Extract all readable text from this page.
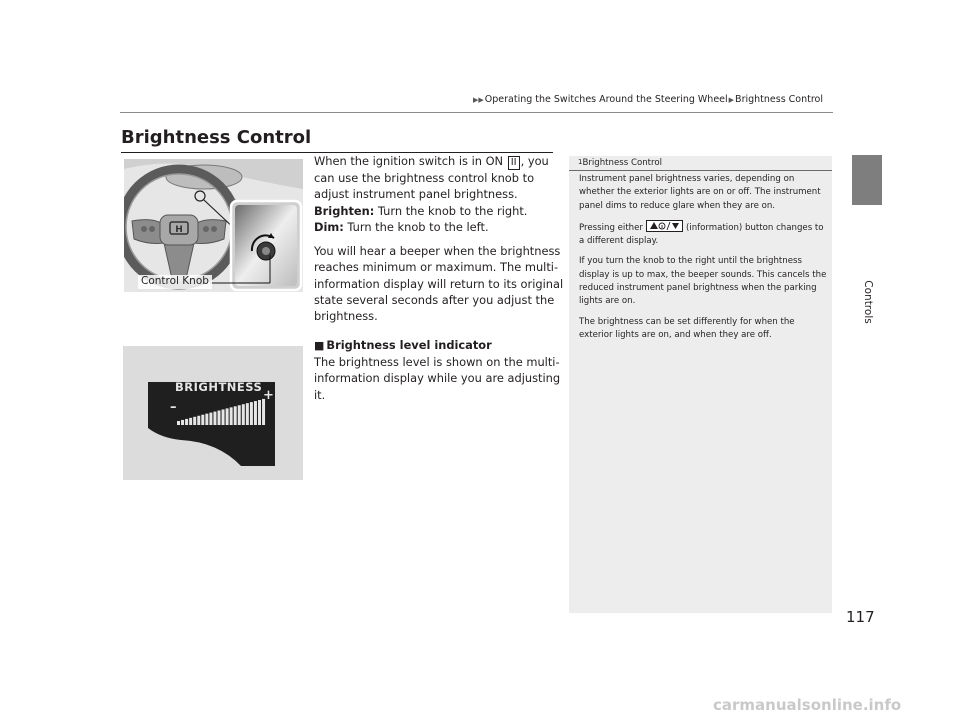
▶▶Operating the Switches Around the Steering Wheel▶Brightness Control
Brightness Control
Controls
H
Control Knob
BRIGHTNESS
–
+

When the ignition switch is in ON II , you can use the brightness control knob to adjust instrument panel brightness.

Brighten: Turn the knob to the right.

Dim: Turn the knob to the left.

You will hear a beeper when the brightness reaches minimum or maximum. The multi-information display will return to its original state several seconds after you adjust the brightness.

■ Brightness level indicator

The brightness level is shown on the multi-information display while you are adjusting it.

1Brightness Control

Instrument panel brightness varies, depending on whether the exterior lights are on or off. The instrument panel dims to reduce glare when they are on.

Pressing either	(information) button changes to a different display.

If you turn the knob to the right until the brightness display is up to max, the beeper sounds. This cancels the reduced instrument panel brightness when the parking lights are on.

The brightness can be set differently for when the exterior lights are on, and when they are off.

117
carmanualsonline.info
